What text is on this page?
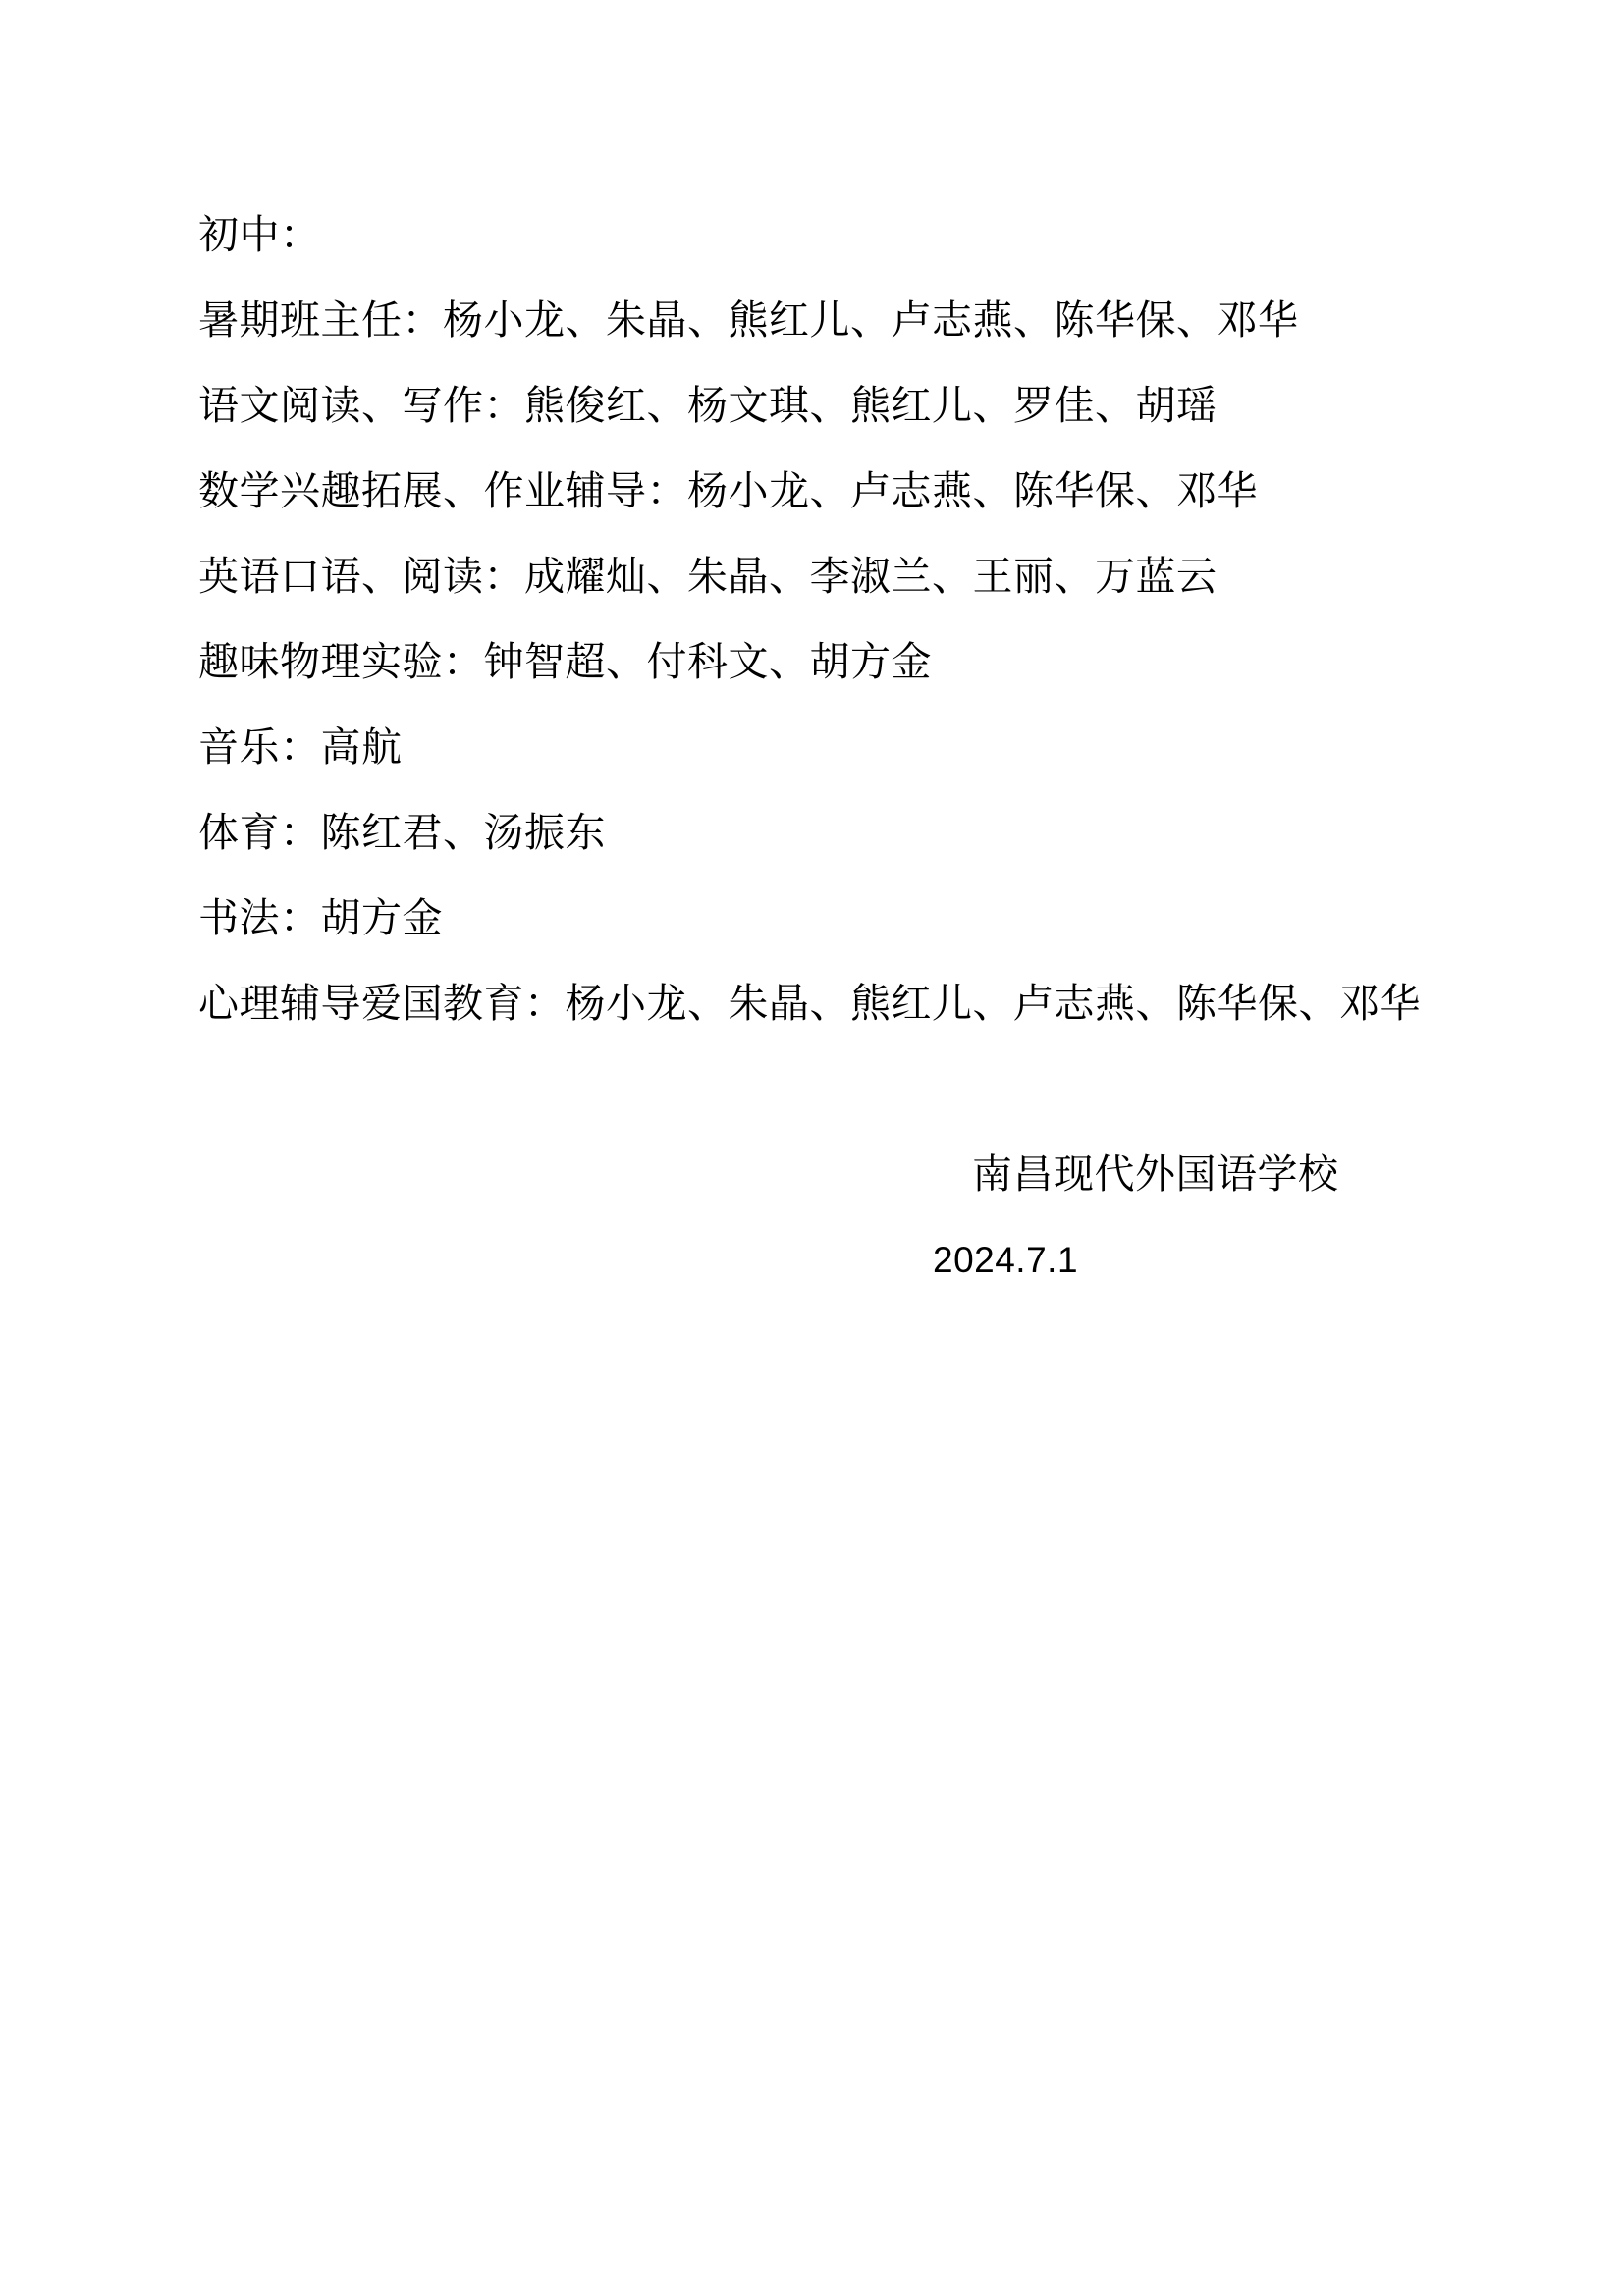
初中：

暑期班主任：杨小龙、朱晶、熊红儿、卢志燕、陈华保、邓华

语文阅读、写作：熊俊红、杨文琪、熊红儿、罗佳、胡瑶

数学兴趣拓展、作业辅导：杨小龙、卢志燕、陈华保、邓华

英语口语、阅读：成耀灿、朱晶、李淑兰、王丽、万蓝云

趣味物理实验：钟智超、付科文、胡方金

音乐：高航

体育：陈红君、汤振东

书法：胡方金

心理辅导爱国教育：杨小龙、朱晶、熊红儿、卢志燕、陈华保、邓华

南昌现代外国语学校

2024.7.1
